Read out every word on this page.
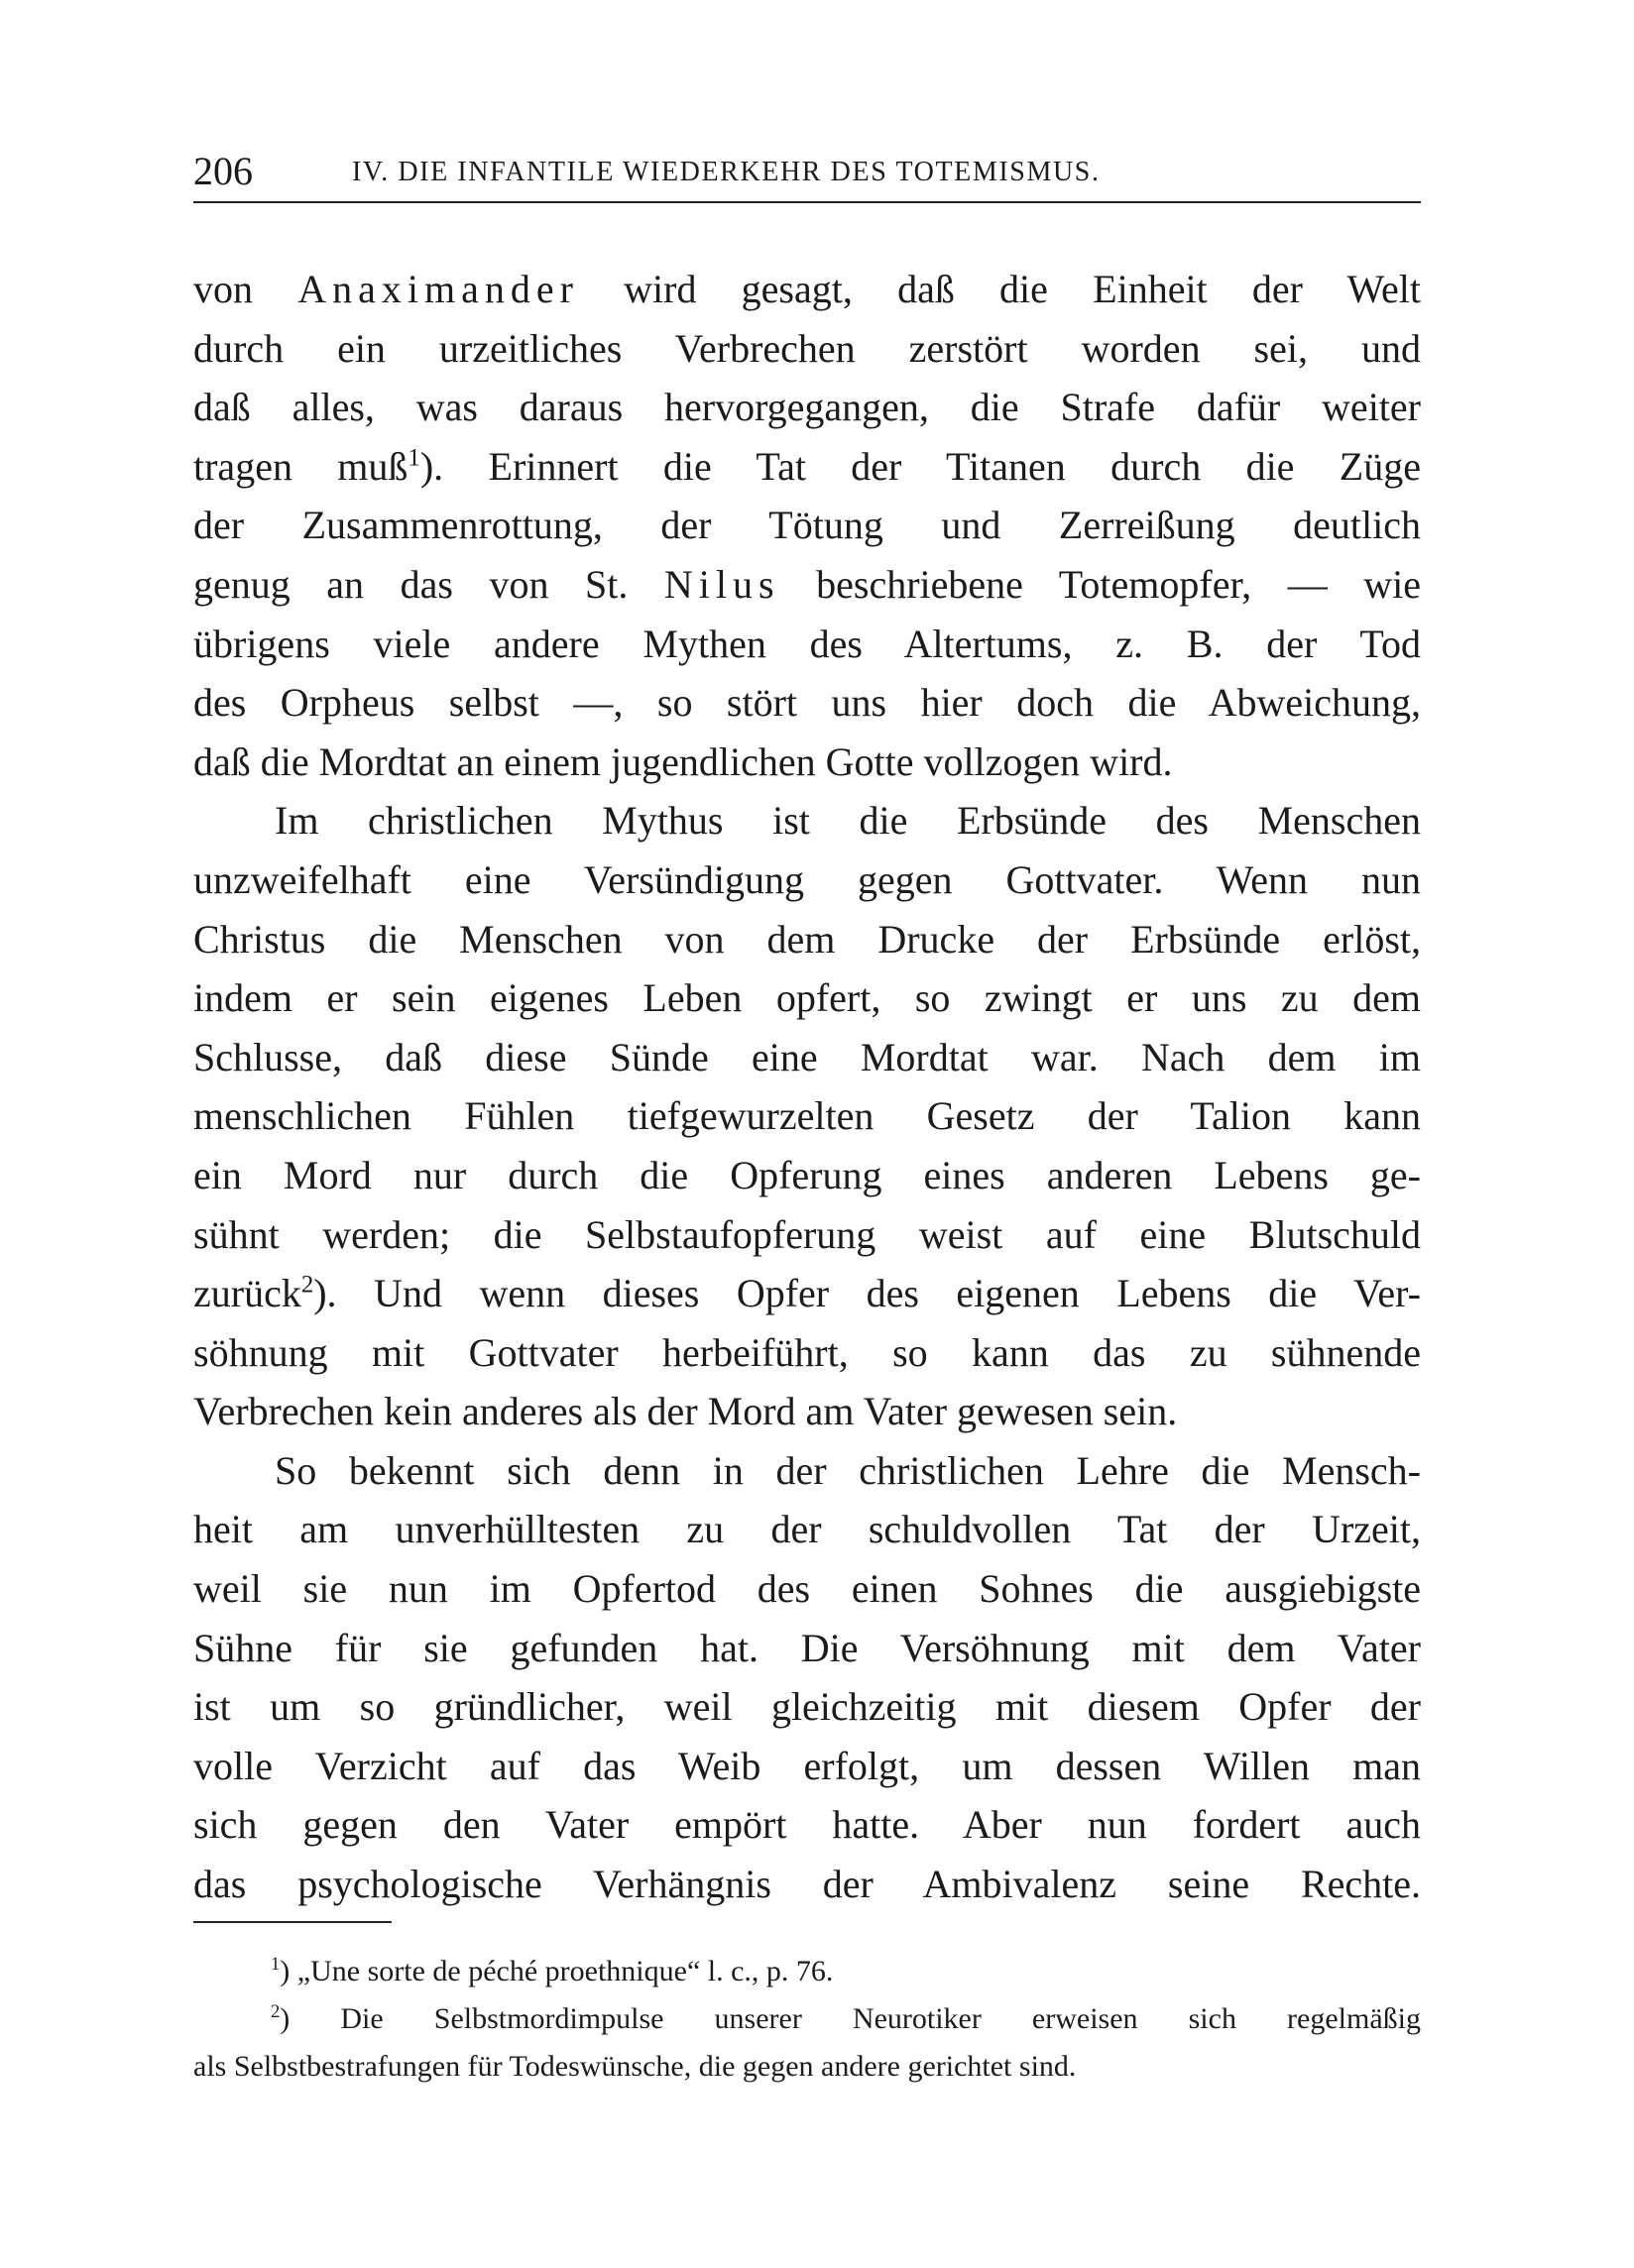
206	IV. DIE INFANTILE WIEDERKEHR DES TOTEMISMUS.
von Anaximander wird gesagt, daß die Einheit der Welt
durch ein urzeitliches Verbrechen zerstört worden sei, und
daß alles, was daraus hervorgegangen, die Strafe dafür weiter
tragen muß$^1$). Erinnert die Tat der Titanen durch die Züge
der Zusammenrottung, der Tötung und Zerreißung deutlich
genug an das von St. Nilus beschriebene Totemopfer, — wie
übrigens viele andere Mythen des Altertums, z. B. der Tod
des Orpheus selbst —, so stört uns hier doch die Abweichung,
daß die Mordtat an einem jugendlichen Gotte vollzogen wird.
Im christlichen Mythus ist die Erbsünde des Menschen
unzweifelhaft eine Versündigung gegen Gottvater. Wenn nun
Christus die Menschen von dem Drucke der Erbsünde erlöst,
indem er sein eigenes Leben opfert, so zwingt er uns zu dem
Schlusse, daß diese Sünde eine Mordtat war. Nach dem im
menschlichen Fühlen tiefgewurzelten Gesetz der Talion kann
ein Mord nur durch die Opferung eines anderen Lebens ge-
sühnt werden; die Selbstaufopferung weist auf eine Blutschuld
zurück$^2$). Und wenn dieses Opfer des eigenen Lebens die Ver-
söhnung mit Gottvater herbeiführt, so kann das zu sühnende
Verbrechen kein anderes als der Mord am Vater gewesen sein.
So bekennt sich denn in der christlichen Lehre die Mensch-
heit am unverhülltesten zu der schuldvollen Tat der Urzeit,
weil sie nun im Opfertod des einen Sohnes die ausgiebigste
Sühne für sie gefunden hat. Die Versöhnung mit dem Vater
ist um so gründlicher, weil gleichzeitig mit diesem Opfer der
volle Verzicht auf das Weib erfolgt, um dessen Willen man
sich gegen den Vater empört hatte. Aber nun fordert auch
das psychologische Verhängnis der Ambivalenz seine Rechte.
$^1$) „Une sorte de péché proethnique“ l. c., p. 76.
$^2$) Die Selbstmordimpulse unserer Neurotiker erweisen sich regelmäßig
als Selbstbestrafungen für Todeswünsche, die gegen andere gerichtet sind.
